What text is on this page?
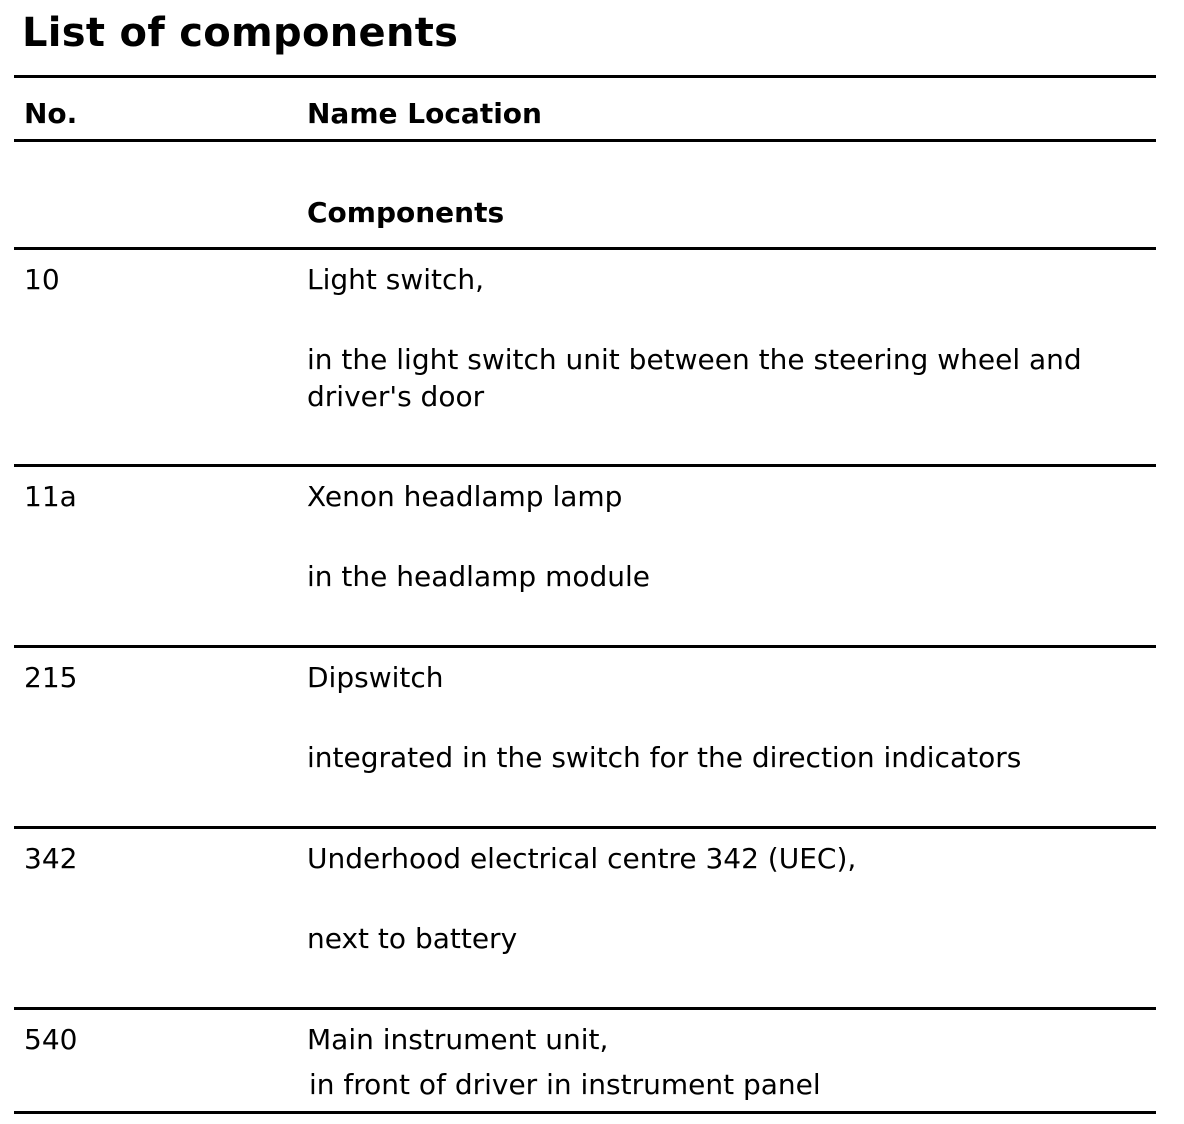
List of components
No.	Name Location
Components
10	Light switch,
in the light switch unit between the steering wheel and driver's door
11a	Xenon headlamp lamp
in the headlamp module
215	Dipswitch
integrated in the switch for the direction indicators
342	Underhood electrical centre 342 (UEC),
next to battery
540	Main instrument unit,
in front of driver in instrument panel
